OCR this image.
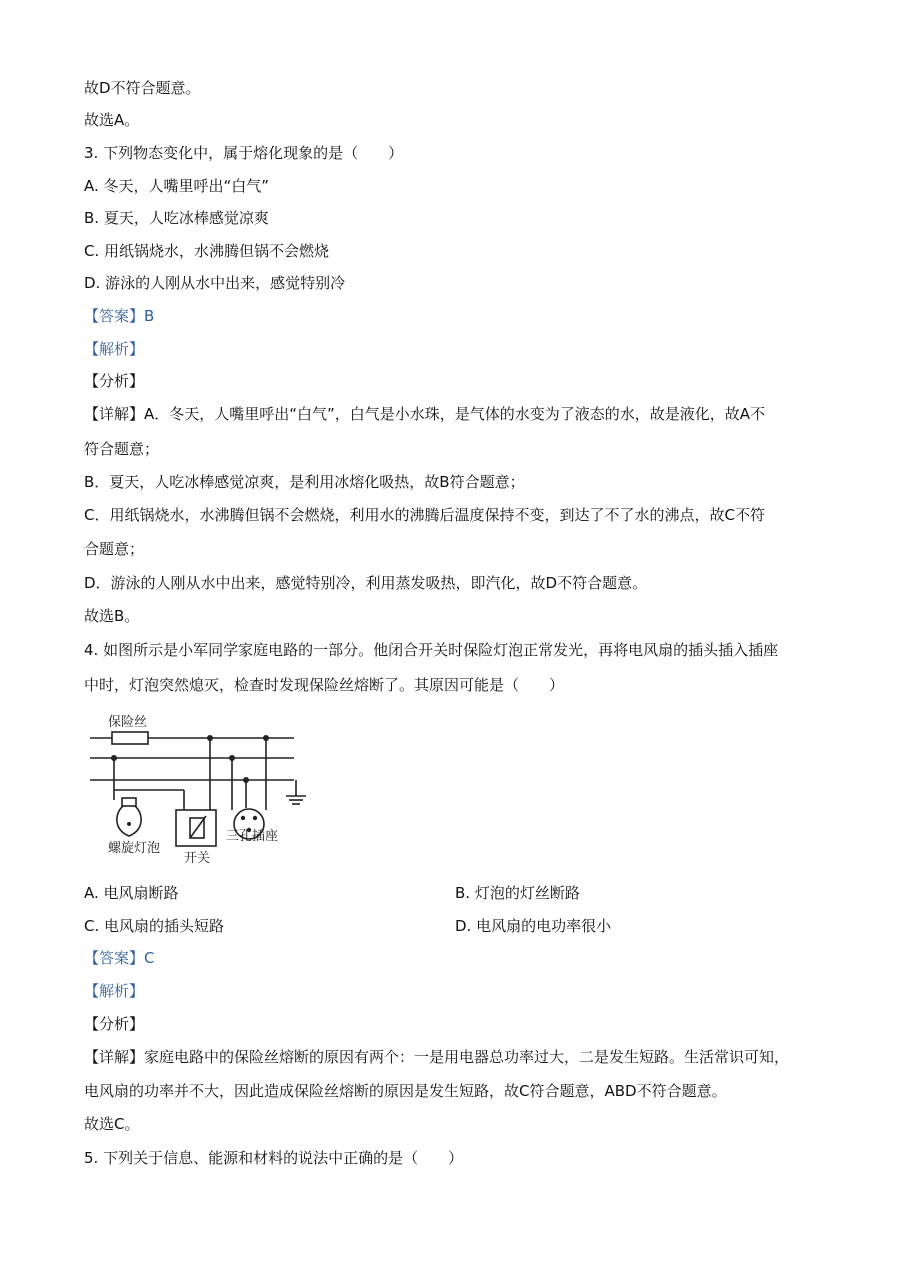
故D不符合题意。
故选A。
3. 下列物态变化中，属于熔化现象的是（　　）
A. 冬天，人嘴里呼出“白气”
B. 夏天，人吃冰棒感觉凉爽
C. 用纸锅烧水，水沸腾但锅不会燃烧
D. 游泳的人刚从水中出来，感觉特别冷
【答案】B
【解析】
【分析】
【详解】A．冬天，人嘴里呼出“白气”，白气是小水珠，是气体的水变为了液态的水，故是液化，故A不
符合题意；
B．夏天，人吃冰棒感觉凉爽，是利用冰熔化吸热，故B符合题意；
C．用纸锅烧水，水沸腾但锅不会燃烧，利用水的沸腾后温度保持不变，到达了不了水的沸点，故C不符
合题意；
D．游泳的人刚从水中出来，感觉特别冷，利用蒸发吸热，即汽化，故D不符合题意。
故选B。
4. 如图所示是小军同学家庭电路的一部分。他闭合开关时保险灯泡正常发光，再将电风扇的插头插入插座
中时，灯泡突然熄灭，检查时发现保险丝熔断了。其原因可能是（　　）
保险丝
螺旋灯泡
开关
三孔插座
A. 电风扇断路	B. 灯泡的灯丝断路
C. 电风扇的插头短路	D. 电风扇的电功率很小
【答案】C
【解析】
【分析】
【详解】家庭电路中的保险丝熔断的原因有两个：一是用电器总功率过大，二是发生短路。生活常识可知，
电风扇的功率并不大，因此造成保险丝熔断的原因是发生短路，故C符合题意，ABD不符合题意。
故选C。
5. 下列关于信息、能源和材料的说法中正确的是（　　）
